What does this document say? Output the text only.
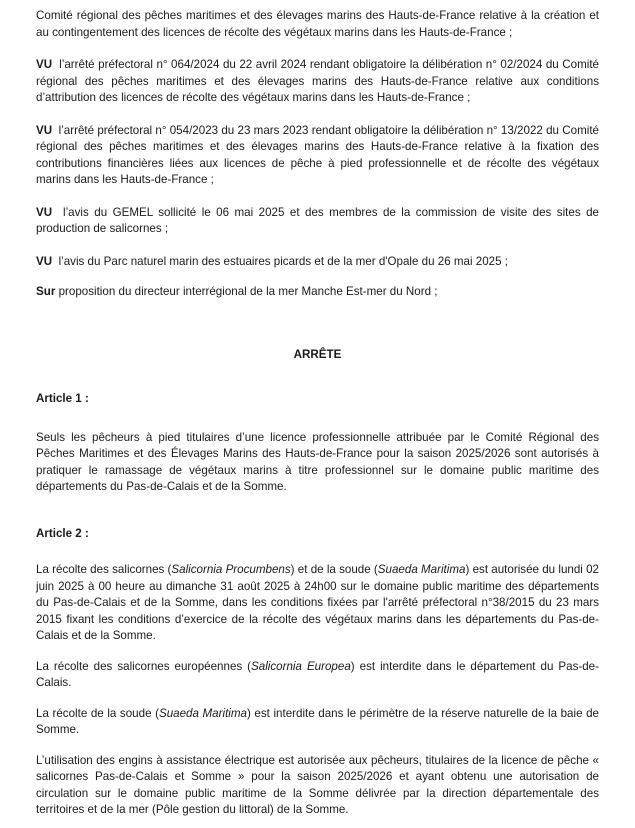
Comité régional des pêches maritimes et des élevages marins des Hauts-de-France relative à la création et au contingentement des licences de récolte des végétaux marins dans les Hauts-de-France ;

VU l’arrêté préfectoral n° 064/2024 du 22 avril 2024 rendant obligatoire la délibération n° 02/2024 du Comité régional des pêches maritimes et des élevages marins des Hauts-de-France relative aux conditions d’attribution des licences de récolte des végétaux marins dans les Hauts-de-France ;

VU l’arrêté préfectoral n° 054/2023 du 23 mars 2023 rendant obligatoire la délibération n° 13/2022 du Comité régional des pêches maritimes et des élevages marins des Hauts-de-France relative à la fixation des contributions financières liées aux licences de pêche à pied professionnelle et de récolte des végétaux marins dans les Hauts-de-France ;

VU l’avis du GEMEL sollicité le 06 mai 2025 et des membres de la commission de visite des sites de production de salicornes ;

VU l’avis du Parc naturel marin des estuaires picards et de la mer d'Opale du 26 mai 2025 ;

Sur proposition du directeur interrégional de la mer Manche Est-mer du Nord ;

ARRÊTE
Article 1 :

Seuls les pêcheurs à pied titulaires d’une licence professionnelle attribuée par le Comité Régional des Pêches Maritimes et des Élevages Marins des Hauts-de-France pour la saison 2025/2026 sont autorisés à pratiquer le ramassage de végétaux marins à titre professionnel sur le domaine public maritime des départements du Pas-de-Calais et de la Somme.

Article 2 :

La récolte des salicornes (Salicornia Procumbens) et de la soude (Suaeda Maritima) est autorisée du lundi 02 juin 2025 à 00 heure au dimanche 31 août 2025 à 24h00 sur le domaine public maritime des départements du Pas-de-Calais et de la Somme, dans les conditions fixées par l'arrêté préfectoral n°38/2015 du 23 mars 2015 fixant les conditions d’exercice de la récolte des végétaux marins dans les départements du Pas-de-Calais et de la Somme.

La récolte des salicornes européennes (Salicornia Europea) est interdite dans le département du Pas-de-Calais.

La récolte de la soude (Suaeda Maritima) est interdite dans le périmètre de la réserve naturelle de la baie de Somme.

L’utilisation des engins à assistance électrique est autorisée aux pêcheurs, titulaires de la licence de pêche « salicornes Pas-de-Calais et Somme » pour la saison 2025/2026 et ayant obtenu une autorisation de circulation sur le domaine public maritime de la Somme délivrée par la direction départementale des territoires et de la mer (Pôle gestion du littoral) de la Somme.
